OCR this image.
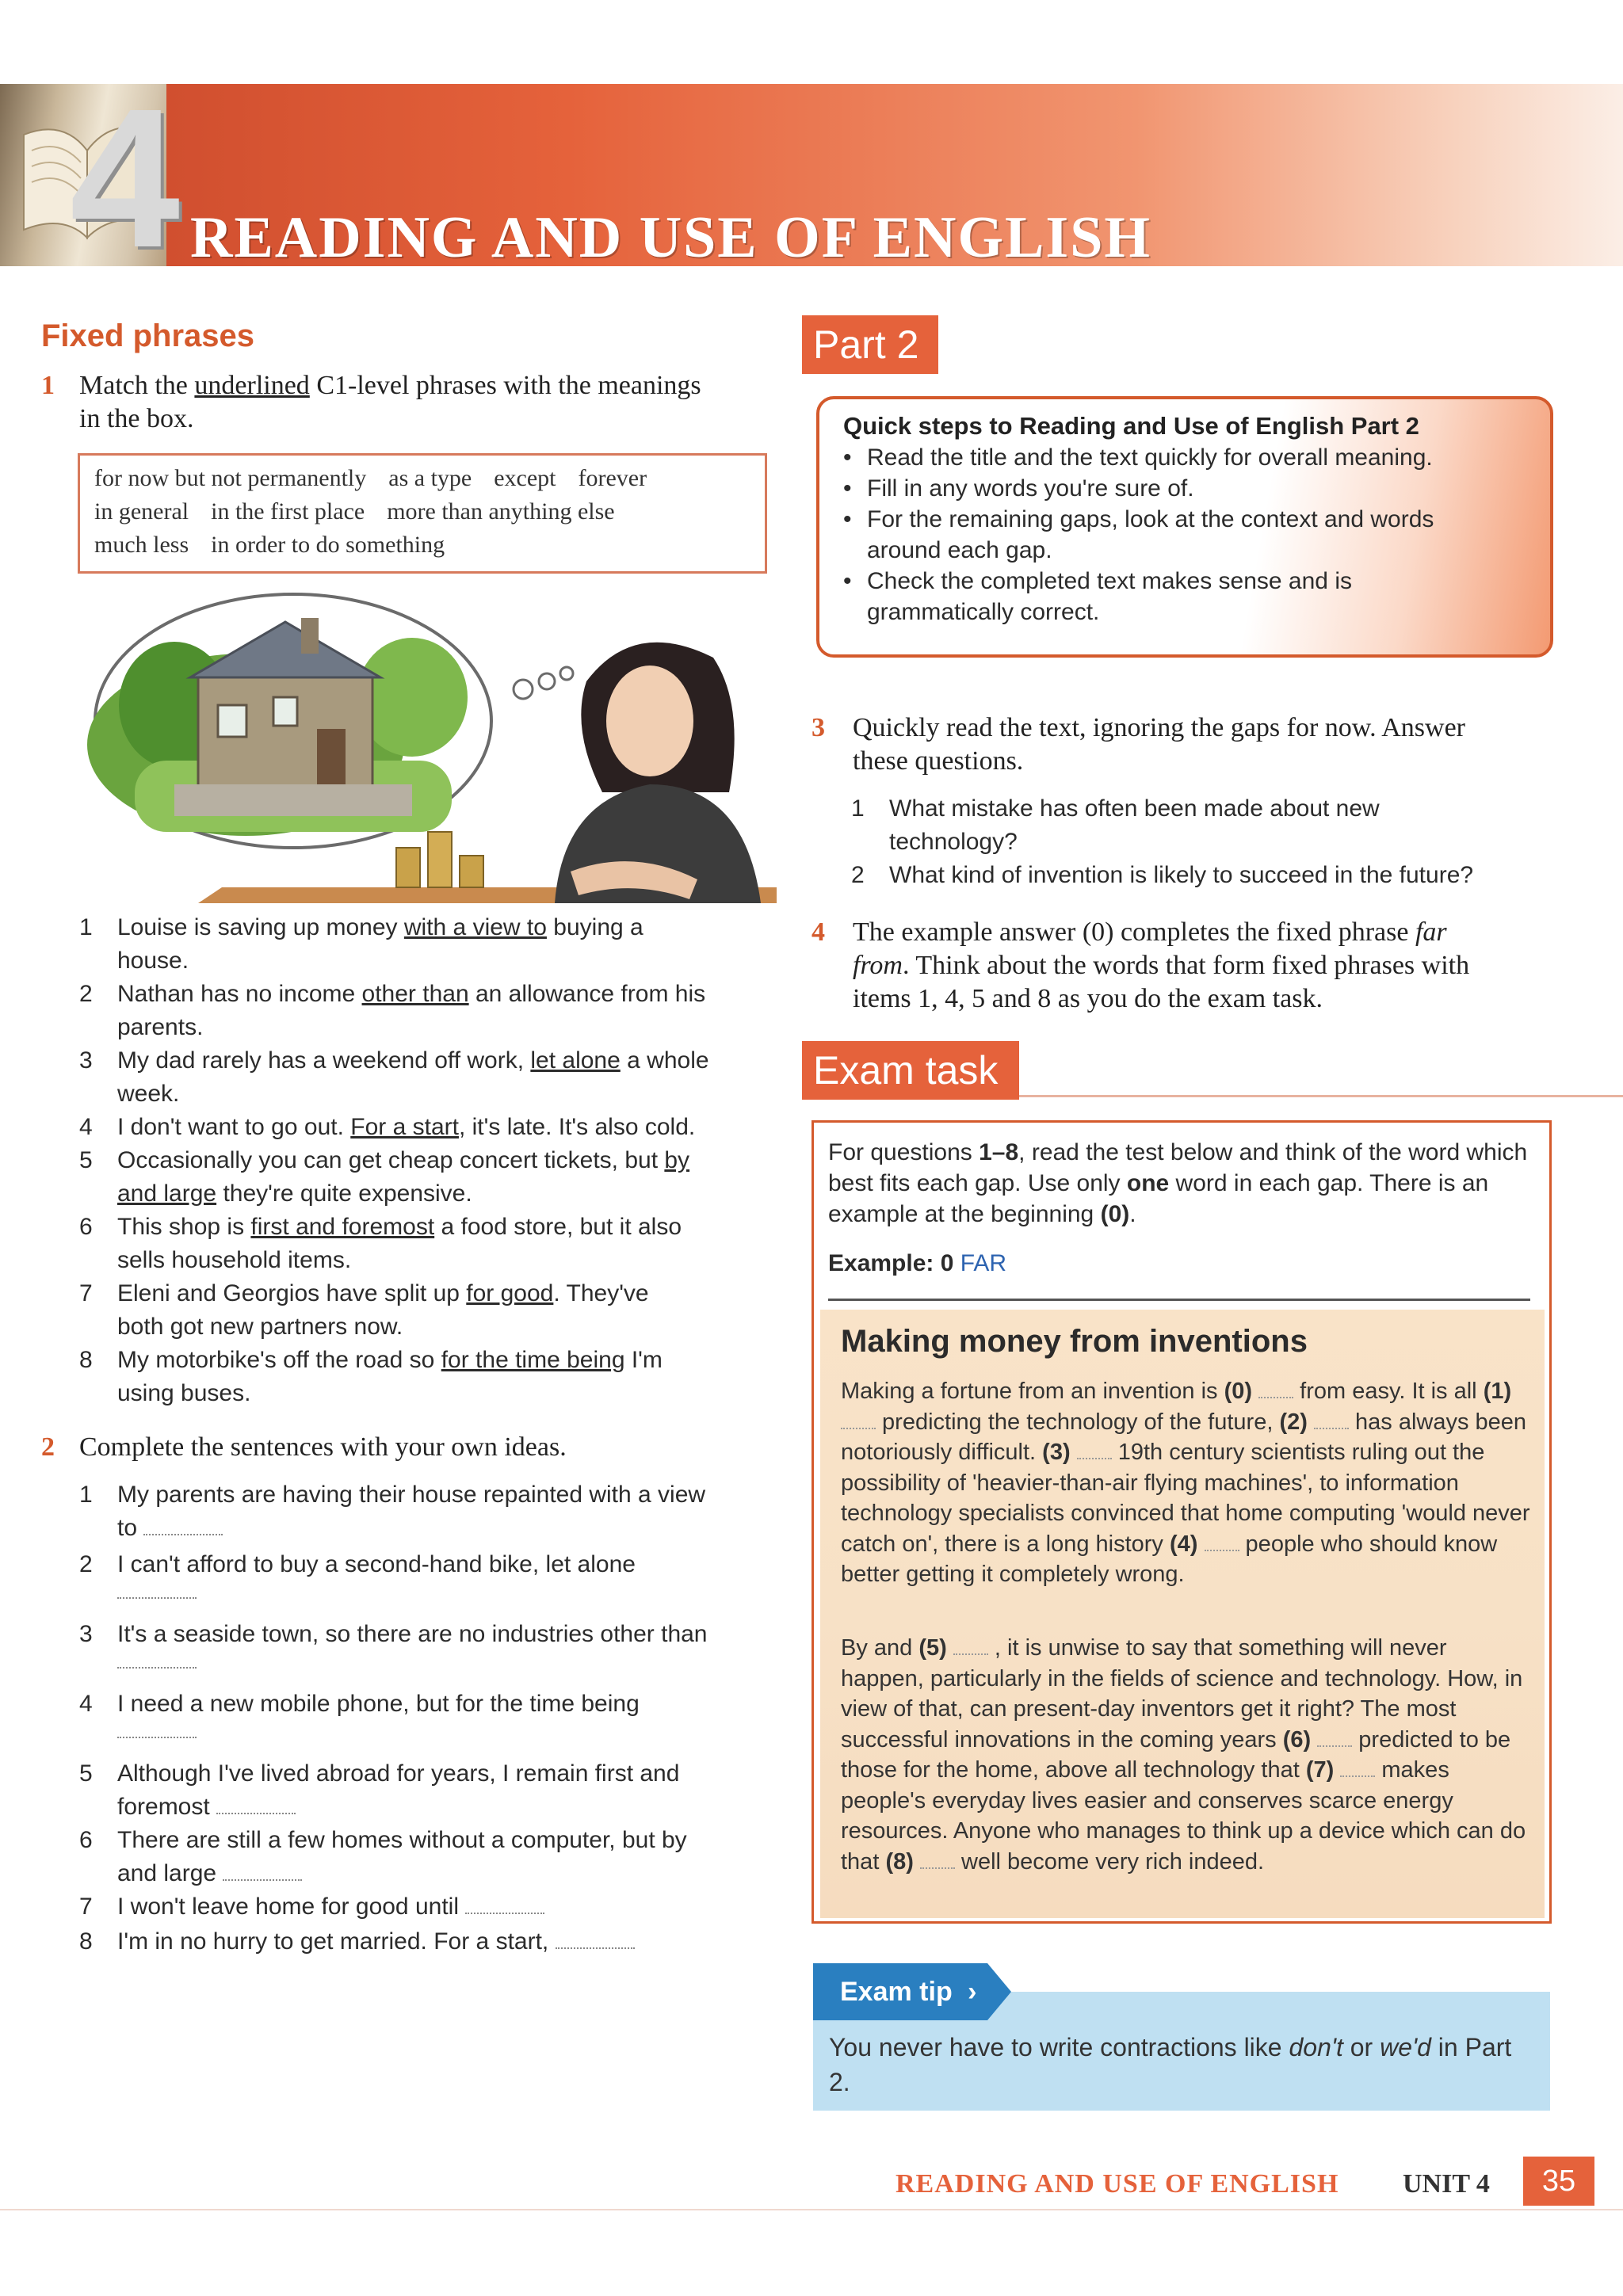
4 READING AND USE OF ENGLISH
Fixed phrases
1 Match the underlined C1-level phrases with the meanings
in the box.
for now but not permanently as a type except forever
in general in the first place more than anything else
much less in order to do something
1	Louise is saving up money with a view to buying a
house.
2	Nathan has no income other than an allowance from his
parents.
3	My dad rarely has a weekend off work, let alone a whole
week.
4	I don't want to go out. For a start, it's late. It's also cold.
5	Occasionally you can get cheap concert tickets, but by
and large they're quite expensive.
6	This shop is first and foremost a food store, but it also
sells household items.
7	Eleni and Georgios have split up for good. They've
both got new partners now.
8	My motorbike's off the road so for the time being I'm
using buses.
2 Complete the sentences with your own ideas.
1	My parents are having their house repainted with a view
to
2	I can't afford to buy a second-hand bike, let alone
3	It's a seaside town, so there are no industries other than
4	I need a new mobile phone, but for the time being
5	Although I've lived abroad for years, I remain first and
foremost
6	There are still a few homes without a computer, but by
and large
7	I won't leave home for good until
8	I'm in no hurry to get married. For a start,
Part 2
Quick steps to Reading and Use of English Part 2
• Read the title and the text quickly for overall meaning.
• Fill in any words you're sure of.
• For the remaining gaps, look at the context and words around each gap.
• Check the completed text makes sense and is grammatically correct.
3 Quickly read the text, ignoring the gaps for now. Answer
these questions.
1	What mistake has often been made about new
technology?
2	What kind of invention is likely to succeed in the future?
4 The example answer (0) completes the fixed phrase far
from. Think about the words that form fixed phrases with
items 1, 4, 5 and 8 as you do the exam task.
Exam task
For questions 1–8, read the test below and think of the word which best fits each gap. Use only one word in each gap. There is an example at the beginning (0).
Example: 0 FAR
Making money from inventions
Making a fortune from an invention is (0)  from easy. It is all (1)  predicting the technology of the future, (2)  has always been notoriously difficult. (3)  19th century scientists ruling out the possibility of 'heavier-than-air flying machines', to information technology specialists convinced that home computing 'would never catch on', there is a long history (4)  people who should know better getting it completely wrong.
By and (5)  , it is unwise to say that something will never happen, particularly in the fields of science and technology. How, in view of that, can present-day inventors get it right? The most successful innovations in the coming years (6)  predicted to be those for the home, above all technology that (7)  makes people's everyday lives easier and conserves scarce energy resources. Anyone who manages to think up a device which can do that (8)  well become very rich indeed.
You never have to write contractions like don't or we'd in Part 2.
Exam tip ›
READING AND USE OF ENGLISH UNIT 4	35
